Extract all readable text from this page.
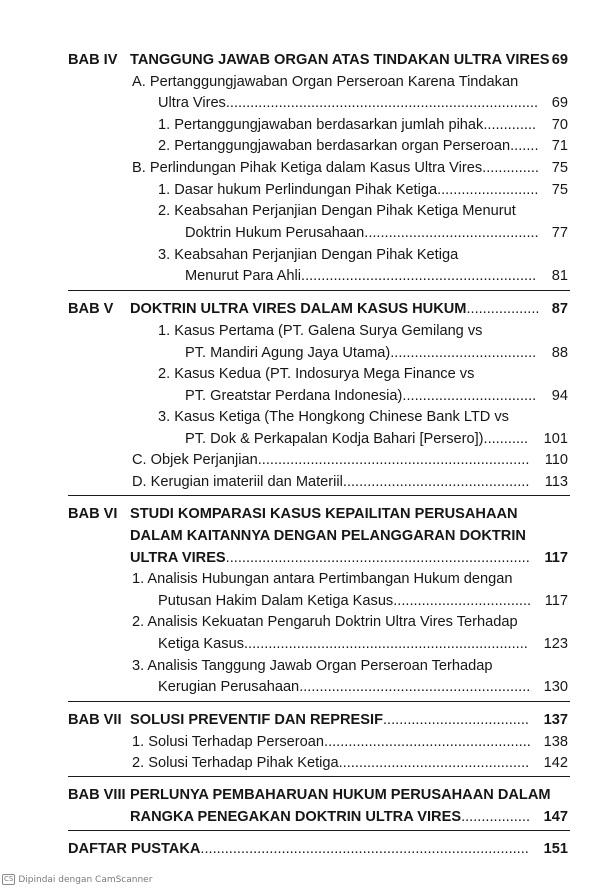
BAB IV TANGGUNG JAWAB ORGAN ATAS TINDAKAN ULTRA VIRES 69
A. Pertanggungjawaban Organ Perseroan Karena Tindakan
Ultra Vires............................................................................. 69
1. Pertanggungjawaban berdasarkan jumlah pihak............. 70
2. Pertanggungjawaban berdasarkan organ Perseroan....... 71
B. Perlindungan Pihak Ketiga dalam Kasus Ultra Vires.............. 75
1. Dasar hukum Perlindungan Pihak Ketiga......................... 75
2. Keabsahan Perjanjian Dengan Pihak Ketiga Menurut
Doktrin Hukum Perusahaan........................................... 77
3. Keabsahan Perjanjian Dengan Pihak Ketiga
Menurut Para Ahli.......................................................... 81
BAB V DOKTRIN ULTRA VIRES DALAM KASUS HUKUM.................. 87
1. Kasus Pertama (PT. Galena Surya Gemilang vs
PT. Mandiri Agung Jaya Utama).................................... 88
2. Kasus Kedua (PT. Indosurya Mega Finance vs
PT. Greatstar Perdana Indonesia)................................. 94
3. Kasus Ketiga (The Hongkong Chinese Bank LTD vs
PT. Dok & Perkapalan Kodja Bahari [Persero])........... 101
C. Objek Perjanjian................................................................... 110
D. Kerugian imateriil dan Materiil.............................................. 113
BAB VI STUDI KOMPARASI KASUS KEPAILITAN PERUSAHAAN
DALAM KAITANNYA DENGAN PELANGGARAN DOKTRIN
ULTRA VIRES........................................................................... 117
1. Analisis Hubungan antara Pertimbangan Hukum dengan
Putusan Hakim Dalam Ketiga Kasus.................................. 117
2. Analisis Kekuatan Pengaruh Doktrin Ultra Vires Terhadap
Ketiga Kasus...................................................................... 123
3. Analisis Tanggung Jawab Organ Perseroan Terhadap
Kerugian Perusahaan......................................................... 130
BAB VII SOLUSI PREVENTIF DAN REPRESIF.................................... 137
1. Solusi Terhadap Perseroan................................................... 138
2. Solusi Terhadap Pihak Ketiga............................................... 142
BAB VIII PERLUNYA PEMBAHARUAN HUKUM PERUSAHAAN DALAM
RANGKA PENEGAKAN DOKTRIN ULTRA VIRES................. 147
DAFTAR PUSTAKA................................................................................. 151
CS Dipindai dengan CamScanner
